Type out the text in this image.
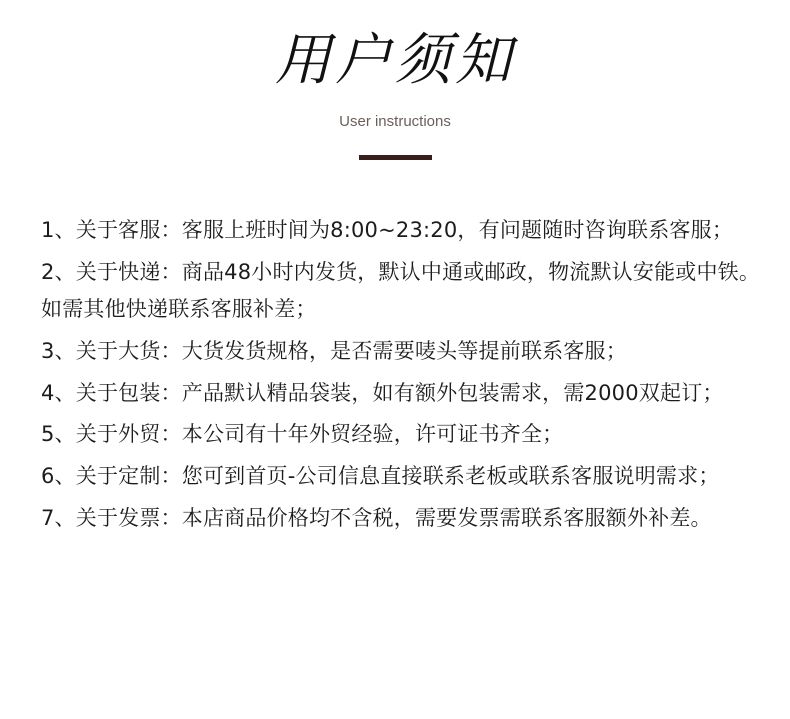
用户须知
User instructions
1、关于客服：客服上班时间为8:00~23:20，有问题随时咨询联系客服；
2、关于快递：商品48小时内发货，默认中通或邮政，物流默认安能或中铁。如需其他快递联系客服补差；
3、关于大货：大货发货规格，是否需要唛头等提前联系客服；
4、关于包装：产品默认精品袋装，如有额外包装需求，需2000双起订；
5、关于外贸：本公司有十年外贸经验，许可证书齐全；
6、关于定制：您可到首页-公司信息直接联系老板或联系客服说明需求；
7、关于发票：本店商品价格均不含税，需要发票需联系客服额外补差。
